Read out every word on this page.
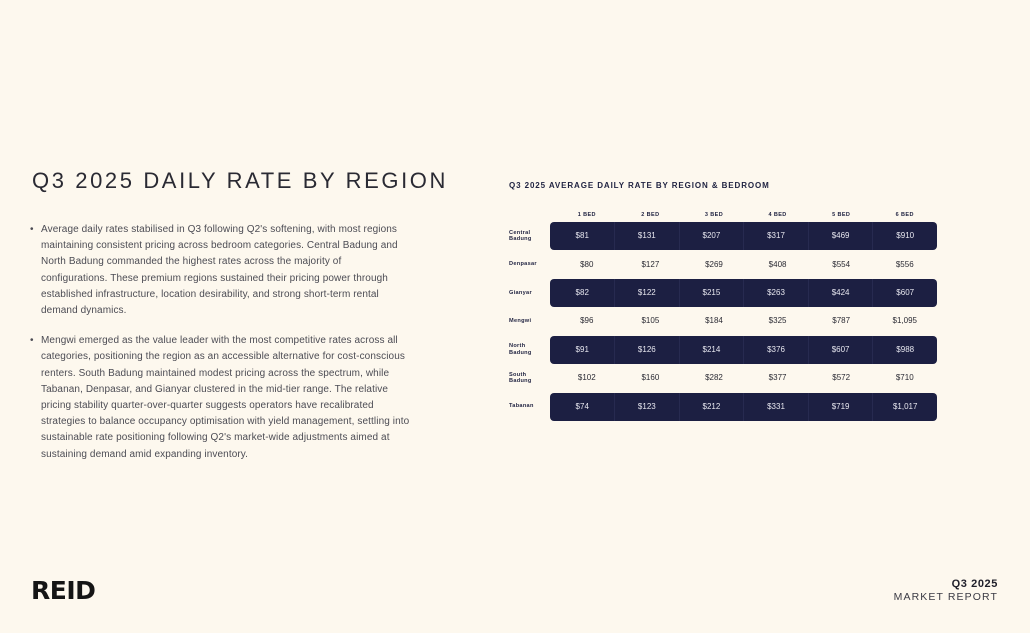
Q3 2025 DAILY RATE BY REGION
• Average daily rates stabilised in Q3 following Q2's softening, with most regions maintaining consistent pricing across bedroom categories. Central Badung and North Badung commanded the highest rates across the majority of configurations. These premium regions sustained their pricing power through established infrastructure, location desirability, and strong short-term rental demand dynamics.
• Mengwi emerged as the value leader with the most competitive rates across all categories, positioning the region as an accessible alternative for cost-conscious renters. South Badung maintained modest pricing across the spectrum, while Tabanan, Denpasar, and Gianyar clustered in the mid-tier range. The relative pricing stability quarter-over-quarter suggests operators have recalibrated strategies to balance occupancy optimisation with yield management, settling into sustainable rate positioning following Q2's market-wide adjustments aimed at sustaining demand amid expanding inventory.
Q3 2025 AVERAGE DAILY RATE BY REGION & BEDROOM
1 BED	2 BED	3 BED	4 BED	5 BED	6 BED
Central
Badung	$81	$131	$207	$317	$469	$910
Denpasar	$80	$127	$269	$408	$554	$556
Gianyar	$82	$122	$215	$263	$424	$607
Mengwi	$96	$105	$184	$325	$787	$1,095
North
Badung	$91	$126	$214	$376	$607	$988
South
Badung	$102	$160	$282	$377	$572	$710
Tabanan	$74	$123	$212	$331	$719	$1,017
REID	Q3 2025
MARKET REPORT
